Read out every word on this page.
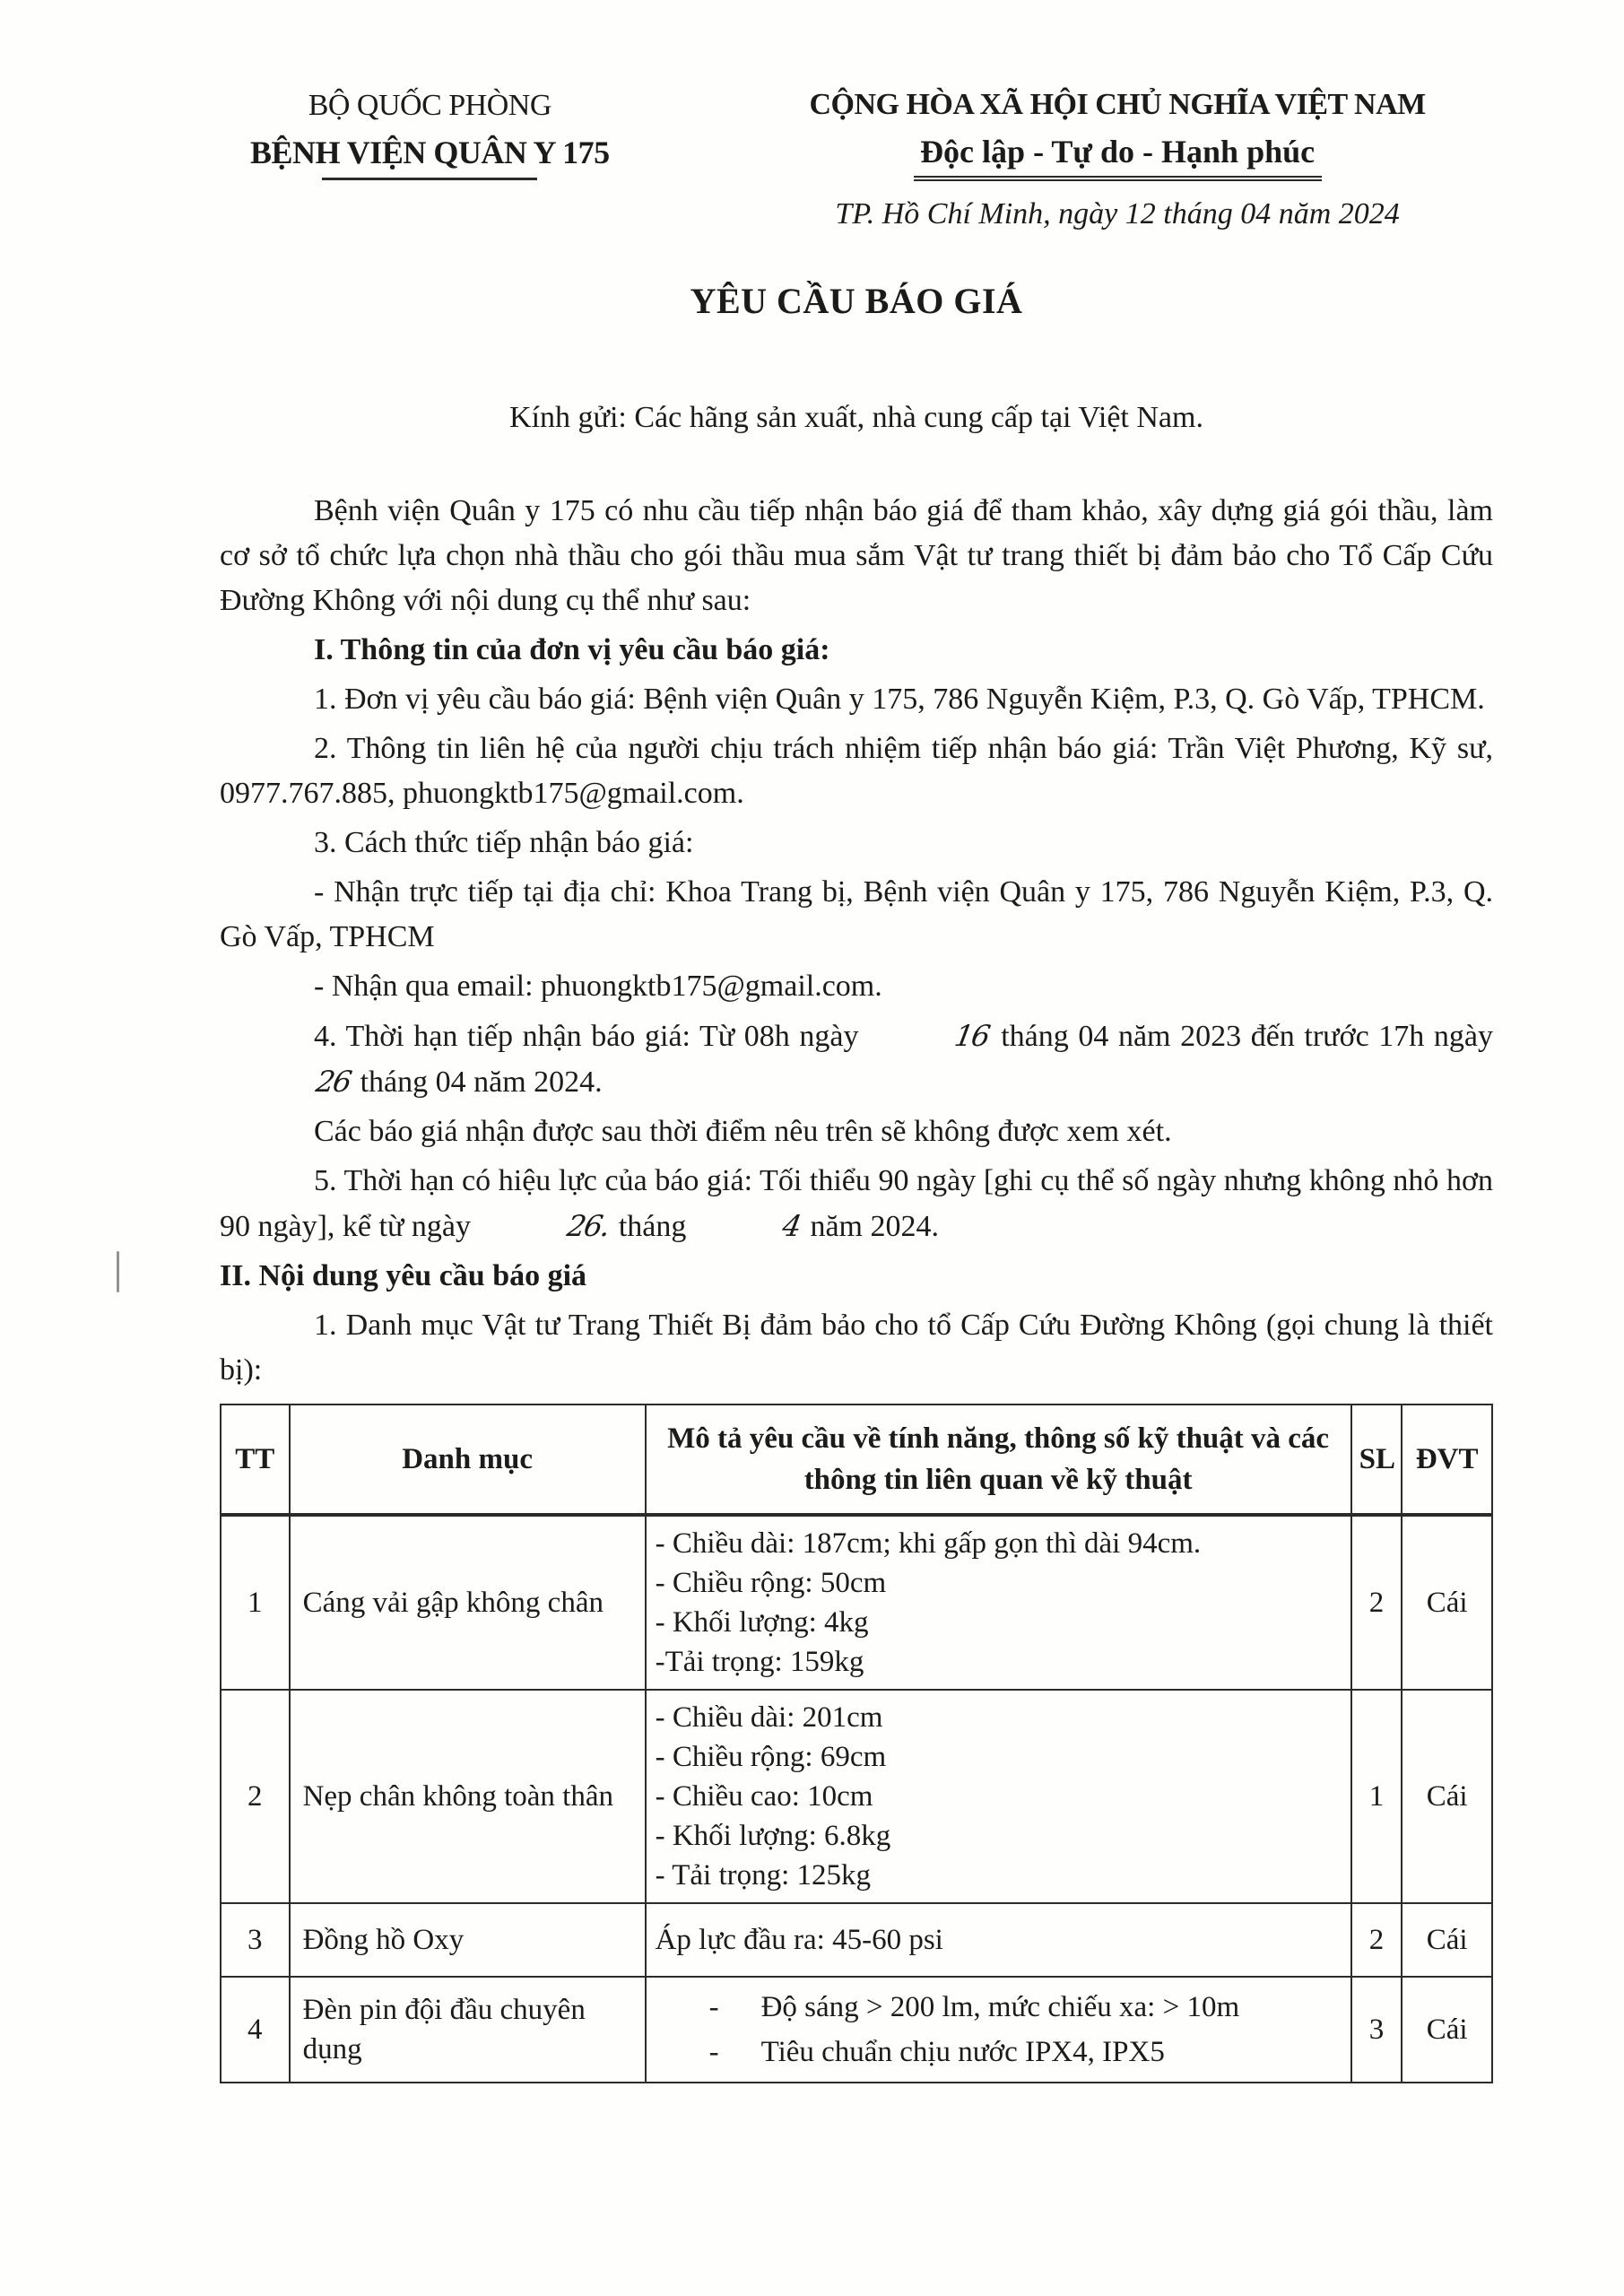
BỘ QUỐC PHÒNG
BỆNH VIỆN QUÂN Y 175
CỘNG HÒA XÃ HỘI CHỦ NGHĨA VIỆT NAM
Độc lập - Tự do - Hạnh phúc
TP. Hồ Chí Minh, ngày 12 tháng 04 năm 2024
YÊU CẦU BÁO GIÁ
Kính gửi: Các hãng sản xuất, nhà cung cấp tại Việt Nam.

Bệnh viện Quân y 175 có nhu cầu tiếp nhận báo giá để tham khảo, xây dựng giá gói thầu, làm cơ sở tổ chức lựa chọn nhà thầu cho gói thầu mua sắm Vật tư trang thiết bị đảm bảo cho Tổ Cấp Cứu Đường Không với nội dung cụ thể như sau:

I. Thông tin của đơn vị yêu cầu báo giá:

1. Đơn vị yêu cầu báo giá: Bệnh viện Quân y 175, 786 Nguyễn Kiệm, P.3, Q. Gò Vấp, TPHCM.

2. Thông tin liên hệ của người chịu trách nhiệm tiếp nhận báo giá: Trần Việt Phương, Kỹ sư, 0977.767.885, phuongktb175@gmail.com.

3. Cách thức tiếp nhận báo giá:

- Nhận trực tiếp tại địa chỉ: Khoa Trang bị, Bệnh viện Quân y 175, 786 Nguyễn Kiệm, P.3, Q. Gò Vấp, TPHCM

- Nhận qua email: phuongktb175@gmail.com.

4. Thời hạn tiếp nhận báo giá: Từ 08h ngày	16 tháng 04 năm 2023 đến trước 17h ngày26 tháng 04 năm 2024.

Các báo giá nhận được sau thời điểm nêu trên sẽ không được xem xét.

5. Thời hạn có hiệu lực của báo giá: Tối thiểu 90 ngày [ghi cụ thể số ngày nhưng không nhỏ hơn 90 ngày], kể từ ngày	26. tháng	4 năm 2024.

II. Nội dung yêu cầu báo giá

1. Danh mục Vật tư Trang Thiết Bị đảm bảo cho tổ Cấp Cứu Đường Không (gọi chung là thiết bị):

TT	Danh mục	Mô tả yêu cầu về tính năng, thông số kỹ thuật và các thông tin liên quan về kỹ thuật	SL	ĐVT
1	Cáng vải gập không chân	- Chiều dài: 187cm; khi gấp gọn thì dài 94cm.
- Chiều rộng: 50cm
- Khối lượng: 4kg
-Tải trọng: 159kg	2	Cái
2	Nẹp chân không toàn thân	- Chiều dài: 201cm
- Chiều rộng: 69cm
- Chiều cao: 10cm
- Khối lượng: 6.8kg
- Tải trọng: 125kg	1	Cái
3	Đồng hồ Oxy	Áp lực đầu ra: 45-60 psi	2	Cái
4	Đèn pin đội đầu chuyên dụng	- Độ sáng > 200 lm, mức chiếu xa: > 10m
- Tiêu chuẩn chịu nước IPX4, IPX5	3	Cái
